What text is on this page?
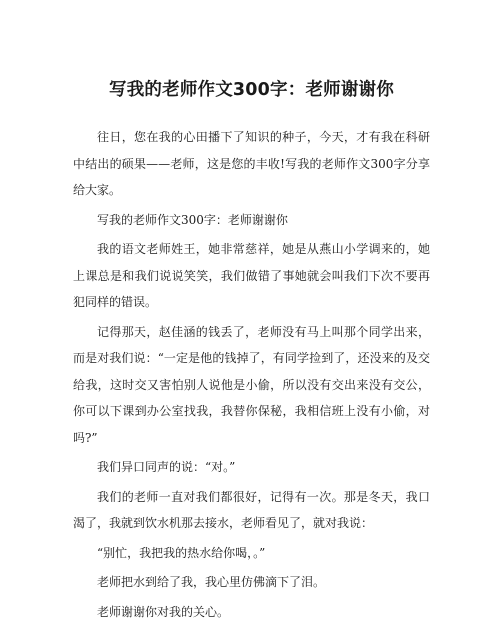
写我的老师作文300字：老师谢谢你

往日，您在我的心田播下了知识的种子，今天，才有我在科研中结出的硕果——老师，这是您的丰收!写我的老师作文300字分享给大家。

写我的老师作文300字：老师谢谢你

我的语文老师姓王，她非常慈祥，她是从燕山小学调来的，她上课总是和我们说说笑笑，我们做错了事她就会叫我们下次不要再犯同样的错误。

记得那天，赵佳涵的钱丢了，老师没有马上叫那个同学出来，而是对我们说：“一定是他的钱掉了，有同学捡到了，还没来的及交给我，这时交又害怕别人说他是小偷，所以没有交出来没有交公，你可以下课到办公室找我，我替你保秘，我相信班上没有小偷，对吗?”

我们异口同声的说：“对。”

我们的老师一直对我们都很好，记得有一次。那是冬天，我口渴了，我就到饮水机那去接水，老师看见了，就对我说：

“别忙，我把我的热水给你喝，。”

老师把水到给了我，我心里仿佛滴下了泪。

老师谢谢你对我的关心。
